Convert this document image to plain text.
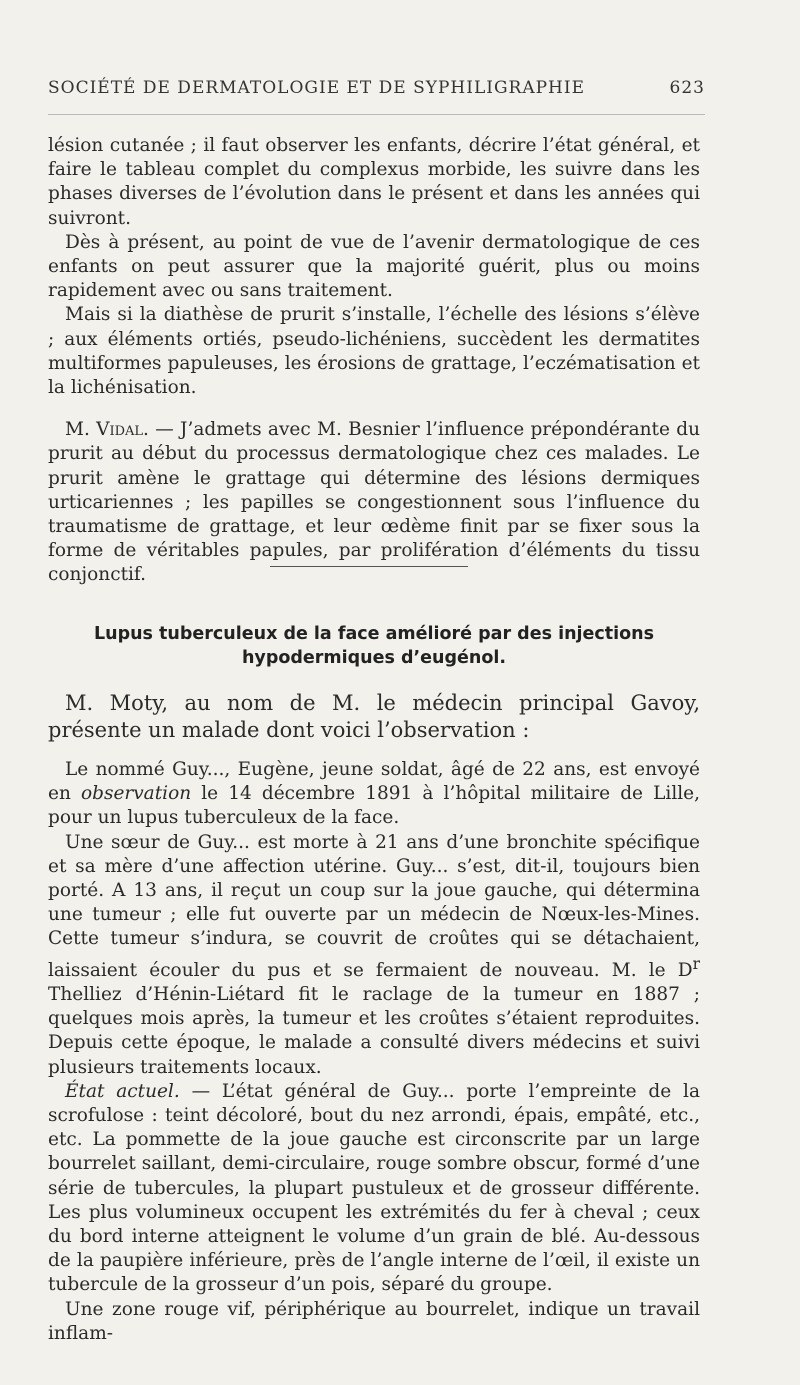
SOCIÉTÉ DE DERMATOLOGIE ET DE SYPHILIGRAPHIE	623

lésion cutanée ; il faut observer les enfants, décrire l’état général, et faire le tableau complet du complexus morbide, les suivre dans les phases diverses de l’évolution dans le présent et dans les années qui suivront.

Dès à présent, au point de vue de l’avenir dermatologique de ces enfants on peut assurer que la majorité guérit, plus ou moins rapidement avec ou sans traitement.

Mais si la diathèse de prurit s’installe, l’échelle des lésions s’élève ; aux éléments ortiés, pseudo-lichéniens, succèdent les dermatites multiformes papuleuses, les érosions de grattage, l’eczématisation et la lichénisation.

M. Vidal. — J’admets avec M. Besnier l’influence prépondérante du prurit au début du processus dermatologique chez ces malades. Le prurit amène le grattage qui détermine des lésions dermiques urticariennes ; les papilles se congestionnent sous l’influence du traumatisme de grattage, et leur œdème finit par se fixer sous la forme de véritables papules, par prolifération d’éléments du tissu conjonctif.

Lupus tuberculeux de la face amélioré par des injections hypodermiques d’eugénol.

M. Moty, au nom de M. le médecin principal Gavoy, présente un malade dont voici l’observation :

Le nommé Guy..., Eugène, jeune soldat, âgé de 22 ans, est envoyé en observation le 14 décembre 1891 à l’hôpital militaire de Lille, pour un lupus tuberculeux de la face.

Une sœur de Guy... est morte à 21 ans d’une bronchite spécifique et sa mère d’une affection utérine. Guy... s’est, dit-il, toujours bien porté. A 13 ans, il reçut un coup sur la joue gauche, qui détermina une tumeur ; elle fut ouverte par un médecin de Nœux-les-Mines. Cette tumeur s’indura, se couvrit de croûtes qui se détachaient, laissaient écouler du pus et se fermaient de nouveau. M. le $D^r$ Thelliez d’Hénin-Liétard fit le raclage de la tumeur en 1887 ; quelques mois après, la tumeur et les croûtes s’étaient reproduites. Depuis cette époque, le malade a consulté divers médecins et suivi plusieurs traitements locaux.

État actuel. — L’état général de Guy... porte l’empreinte de la scrofulose : teint décoloré, bout du nez arrondi, épais, empâté, etc., etc. La pommette de la joue gauche est circonscrite par un large bourrelet saillant, demi-circulaire, rouge sombre obscur, formé d’une série de tubercules, la plupart pustuleux et de grosseur différente. Les plus volumineux occupent les extrémités du fer à cheval ; ceux du bord interne atteignent le volume d’un grain de blé. Au-dessous de la paupière inférieure, près de l’angle interne de l’œil, il existe un tubercule de la grosseur d’un pois, séparé du groupe.

Une zone rouge vif, périphérique au bourrelet, indique un travail inflam-
